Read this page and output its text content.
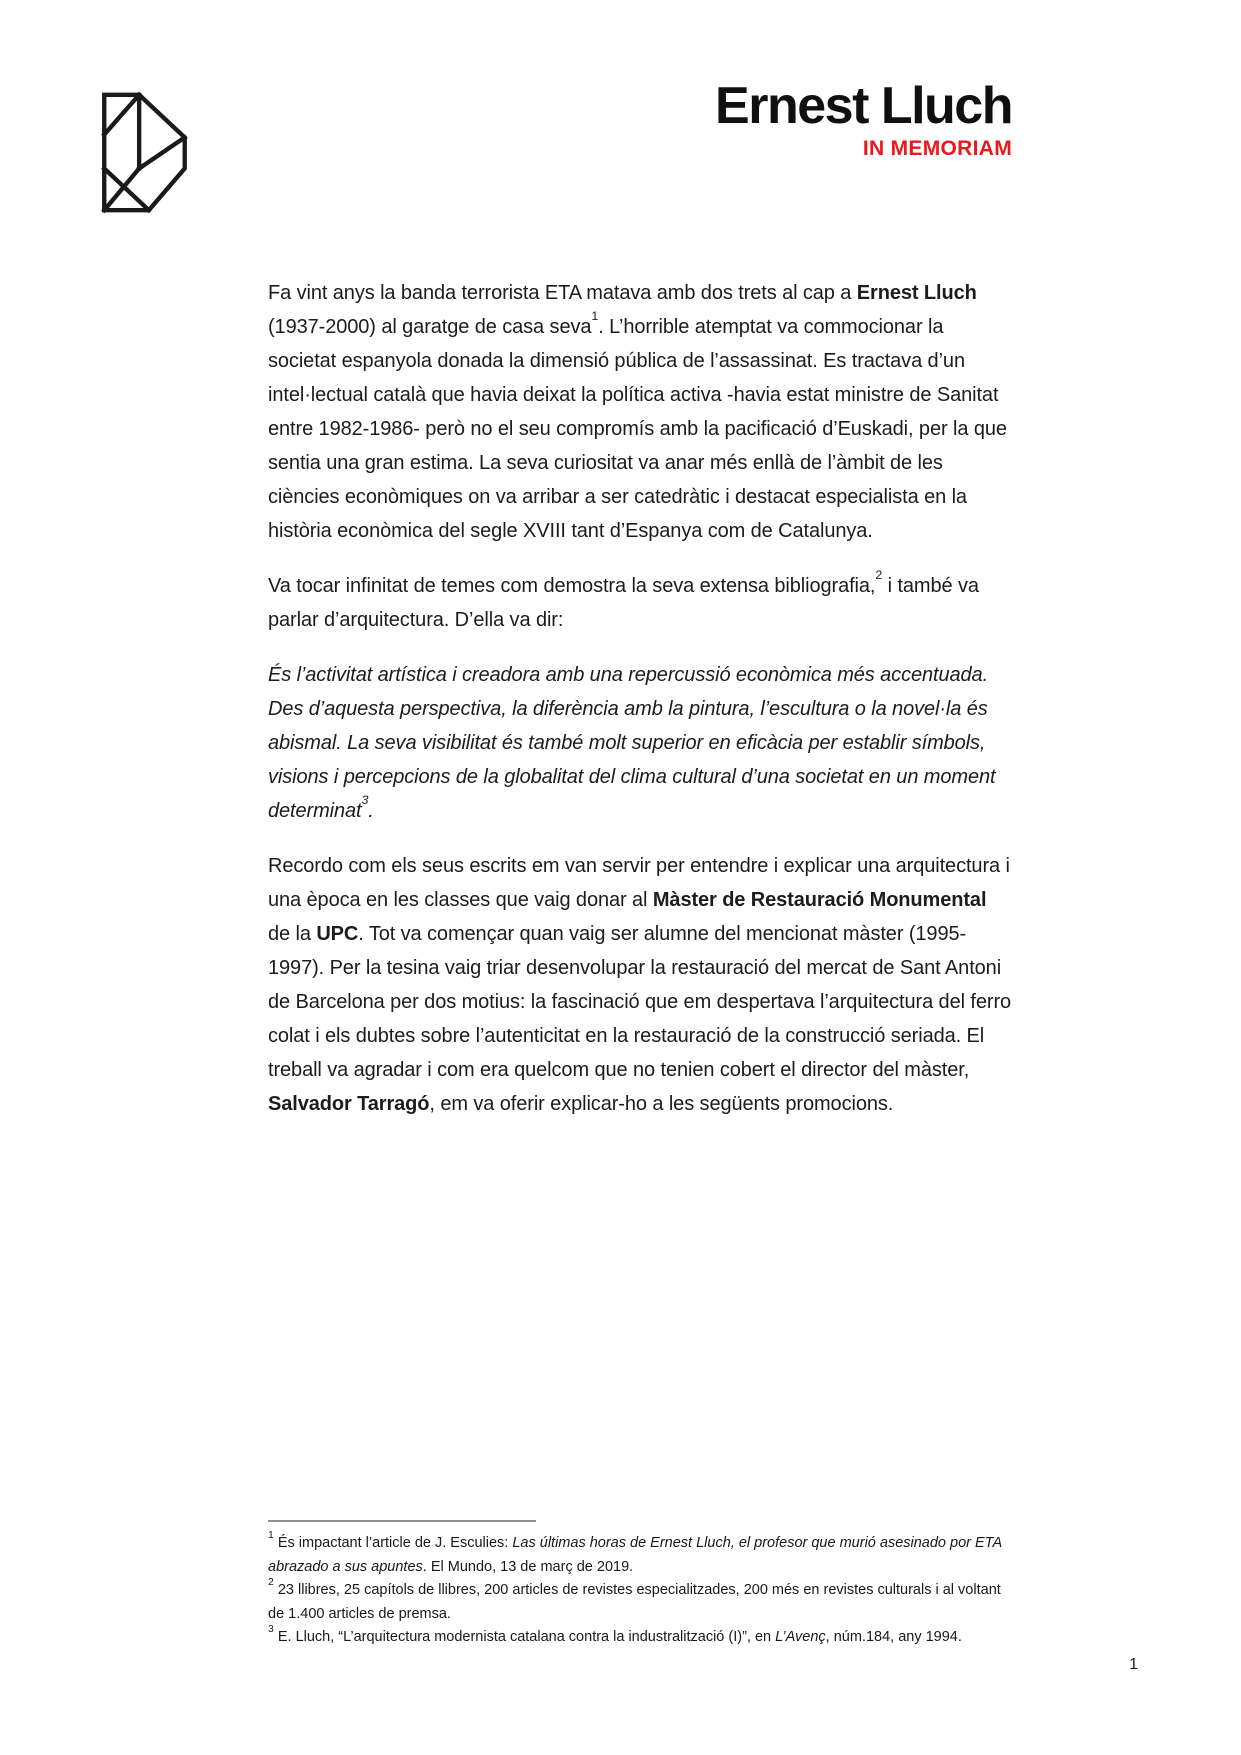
Ernest Lluch
IN MEMORIAM

Fa vint anys la banda terrorista ETA matava amb dos trets al cap a Ernest Lluch (1937-2000) al garatge de casa seva$^1$. L’horrible atemptat va commocionar la societat espanyola donada la dimensió pública de l’assassinat. Es tractava d’un intel·lectual català que havia deixat la política activa -havia estat ministre de Sanitat entre 1982-1986- però no el seu compromís amb la pacificació d’Euskadi, per la que sentia una gran estima. La seva curiositat va anar més enllà de l’àmbit de les ciències econòmiques on va arribar a ser catedràtic i destacat especialista en la història econòmica del segle XVIII tant d’Espanya com de Catalunya.

Va tocar infinitat de temes com demostra la seva extensa bibliografia,$^2$ i també va parlar d’arquitectura. D’ella va dir:

És l’activitat artística i creadora amb una repercussió econòmica més accentuada. Des d’aquesta perspectiva, la diferència amb la pintura, l’escultura o la novel·la és abismal. La seva visibilitat és també molt superior en eficàcia per establir símbols, visions i percepcions de la globalitat del clima cultural d’una societat en un moment determinat$^3$.

Recordo com els seus escrits em van servir per entendre i explicar una arquitectura i una època en les classes que vaig donar al Màster de Restauració Monumental de la UPC. Tot va començar quan vaig ser alumne del mencionat màster (1995-1997). Per la tesina vaig triar desenvolupar la restauració del mercat de Sant Antoni de Barcelona per dos motius: la fascinació que em despertava l’arquitectura del ferro colat i els dubtes sobre l’autenticitat en la restauració de la construcció seriada. El treball va agradar i com era quelcom que no tenien cobert el director del màster, Salvador Tarragó, em va oferir explicar-ho a les següents promocions.

$^1$ És impactant l’article de J. Esculies: Las últimas horas de Ernest Lluch, el profesor que murió asesinado por ETA abrazado a sus apuntes. El Mundo, 13 de març de 2019.

$^2$ 23 llibres, 25 capítols de llibres, 200 articles de revistes especialitzades, 200 més en revistes culturals i al voltant de 1.400 articles de premsa.

$^3$ E. Lluch, “L’arquitectura modernista catalana contra la industralització (I)”, en L’Avenç, núm.184, any 1994.

1
